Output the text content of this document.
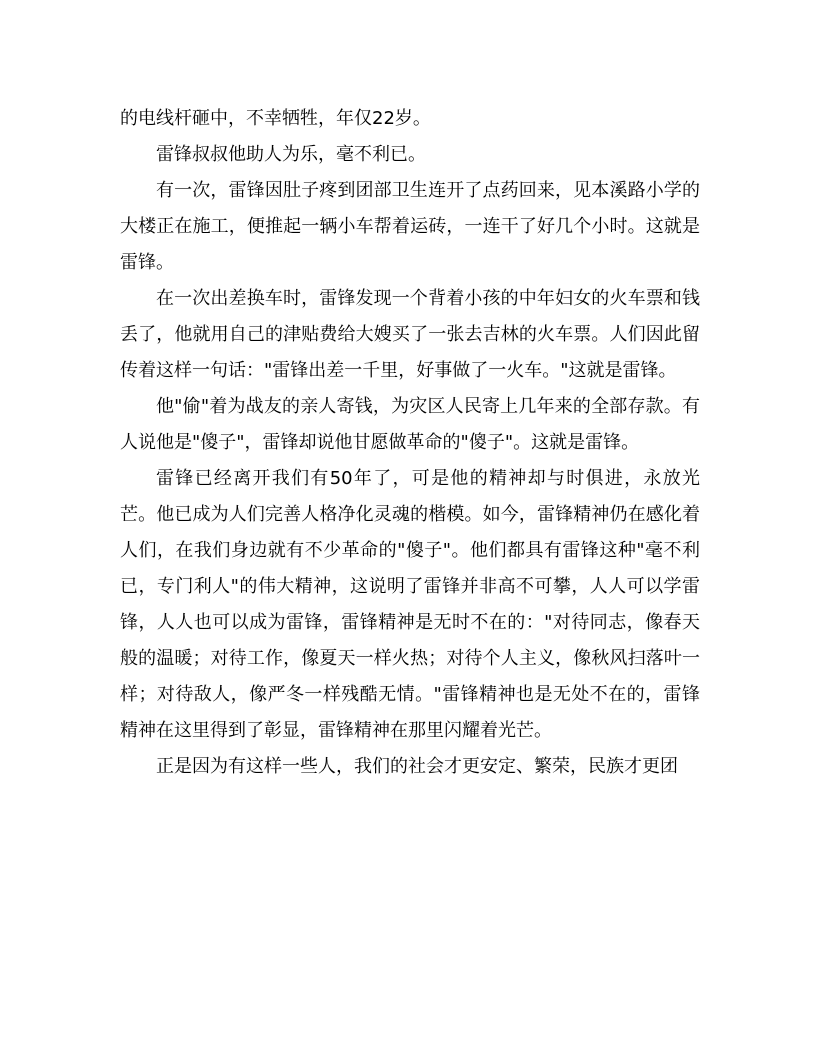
的电线杆砸中，不幸牺牲，年仅22岁。

雷锋叔叔他助人为乐，毫不利已。

有一次，雷锋因肚子疼到团部卫生连开了点药回来，见本溪路小学的大楼正在施工，便推起一辆小车帮着运砖，一连干了好几个小时。这就是雷锋。

在一次出差换车时，雷锋发现一个背着小孩的中年妇女的火车票和钱丢了，他就用自己的津贴费给大嫂买了一张去吉林的火车票。人们因此留传着这样一句话："雷锋出差一千里，好事做了一火车。"这就是雷锋。

他"偷"着为战友的亲人寄钱，为灾区人民寄上几年来的全部存款。有人说他是"傻子"，雷锋却说他甘愿做革命的"傻子"。这就是雷锋。

雷锋已经离开我们有50年了，可是他的精神却与时俱进，永放光芒。他已成为人们完善人格净化灵魂的楷模。如今，雷锋精神仍在感化着人们，在我们身边就有不少革命的"傻子"。他们都具有雷锋这种"毫不利已，专门利人"的伟大精神，这说明了雷锋并非高不可攀，人人可以学雷锋，人人也可以成为雷锋，雷锋精神是无时不在的："对待同志，像春天般的温暖；对待工作，像夏天一样火热；对待个人主义，像秋风扫落叶一样；对待敌人，像严冬一样残酷无情。"雷锋精神也是无处不在的，雷锋精神在这里得到了彰显，雷锋精神在那里闪耀着光芒。

正是因为有这样一些人，我们的社会才更安定、繁荣，民族才更团
